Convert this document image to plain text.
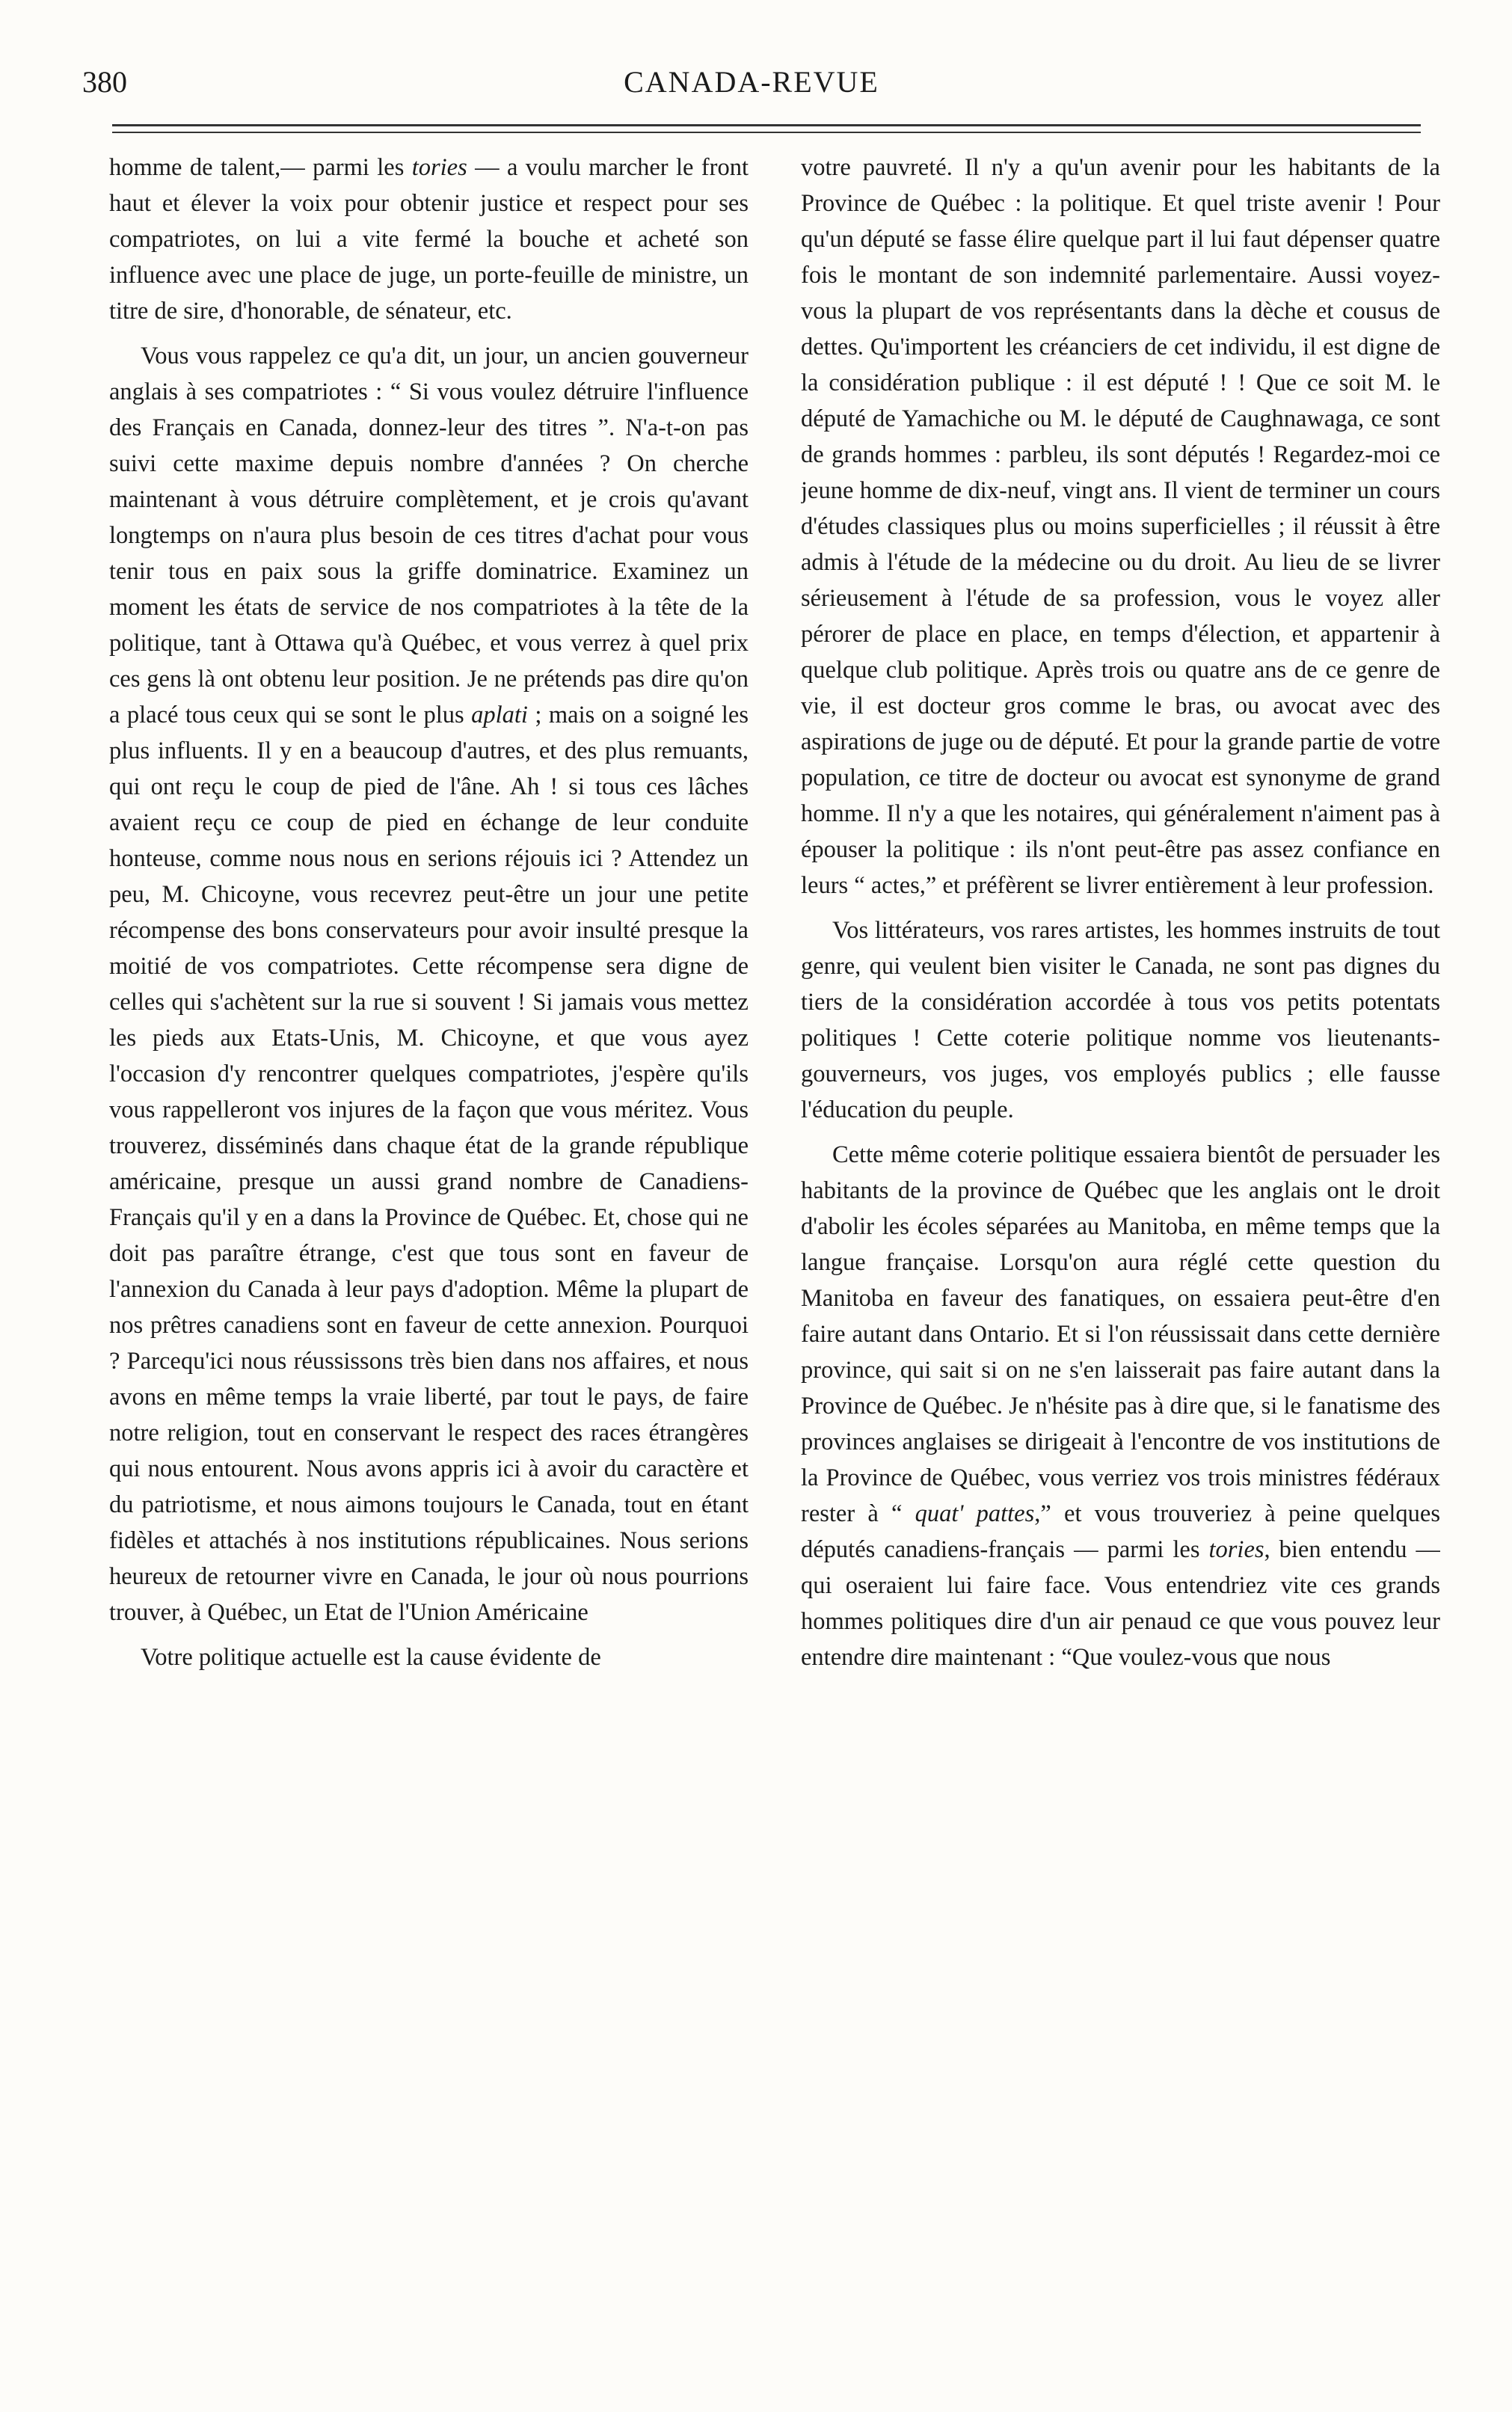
380	CANADA-REVUE

homme de talent,— parmi les tories — a voulu marcher le front haut et élever la voix pour obtenir justice et respect pour ses compatriotes, on lui a vite fermé la bouche et acheté son influence avec une place de juge, un porte-feuille de ministre, un titre de sire, d'honorable, de sénateur, etc.

Vous vous rappelez ce qu'a dit, un jour, un ancien gouverneur anglais à ses compatriotes : “ Si vous voulez détruire l'influence des Français en Canada, donnez-leur des titres ”. N'a-t-on pas suivi cette maxime depuis nombre d'années ? On cherche maintenant à vous détruire complètement, et je crois qu'avant longtemps on n'aura plus besoin de ces titres d'achat pour vous tenir tous en paix sous la griffe dominatrice. Examinez un moment les états de service de nos compatriotes à la tête de la politique, tant à Ottawa qu'à Québec, et vous verrez à quel prix ces gens là ont obtenu leur position. Je ne prétends pas dire qu'on a placé tous ceux qui se sont le plus aplati ; mais on a soigné les plus influents. Il y en a beaucoup d'autres, et des plus remuants, qui ont reçu le coup de pied de l'âne. Ah ! si tous ces lâches avaient reçu ce coup de pied en échange de leur conduite honteuse, comme nous nous en serions réjouis ici ? Attendez un peu, M. Chicoyne, vous recevrez peut-être un jour une petite récompense des bons conservateurs pour avoir insulté presque la moitié de vos compatriotes. Cette récompense sera digne de celles qui s'achètent sur la rue si souvent ! Si jamais vous mettez les pieds aux Etats-Unis, M. Chicoyne, et que vous ayez l'occasion d'y rencontrer quelques compatriotes, j'espère qu'ils vous rappelleront vos injures de la façon que vous méritez. Vous trouverez, disséminés dans chaque état de la grande république américaine, presque un aussi grand nombre de Canadiens-Français qu'il y en a dans la Province de Québec. Et, chose qui ne doit pas paraître étrange, c'est que tous sont en faveur de l'annexion du Canada à leur pays d'adoption. Même la plupart de nos prêtres canadiens sont en faveur de cette annexion. Pourquoi ? Parcequ'ici nous réussissons très bien dans nos affaires, et nous avons en même temps la vraie liberté, par tout le pays, de faire notre religion, tout en conservant le respect des races étrangères qui nous entourent. Nous avons appris ici à avoir du caractère et du patriotisme, et nous aimons toujours le Canada, tout en étant fidèles et attachés à nos institutions républicaines. Nous serions heureux de retourner vivre en Canada, le jour où nous pourrions trouver, à Québec, un Etat de l'Union Américaine

Votre politique actuelle est la cause évidente de

votre pauvreté. Il n'y a qu'un avenir pour les habitants de la Province de Québec : la politique. Et quel triste avenir ! Pour qu'un député se fasse élire quelque part il lui faut dépenser quatre fois le montant de son indemnité parlementaire. Aussi voyez-vous la plupart de vos représentants dans la dèche et cousus de dettes. Qu'importent les créanciers de cet individu, il est digne de la considération publique : il est député ! ! Que ce soit M. le député de Yamachiche ou M. le député de Caughnawaga, ce sont de grands hommes : parbleu, ils sont députés ! Regardez-moi ce jeune homme de dix-neuf, vingt ans. Il vient de terminer un cours d'études classiques plus ou moins superficielles ; il réussit à être admis à l'étude de la médecine ou du droit. Au lieu de se livrer sérieusement à l'étude de sa profession, vous le voyez aller pérorer de place en place, en temps d'élection, et appartenir à quelque club politique. Après trois ou quatre ans de ce genre de vie, il est docteur gros comme le bras, ou avocat avec des aspirations de juge ou de député. Et pour la grande partie de votre population, ce titre de docteur ou avocat est synonyme de grand homme. Il n'y a que les notaires, qui généralement n'aiment pas à épouser la politique : ils n'ont peut-être pas assez confiance en leurs “ actes,” et préfèrent se livrer entièrement à leur profession.

Vos littérateurs, vos rares artistes, les hommes instruits de tout genre, qui veulent bien visiter le Canada, ne sont pas dignes du tiers de la considération accordée à tous vos petits potentats politiques ! Cette coterie politique nomme vos lieutenants-gouverneurs, vos juges, vos employés publics ; elle fausse l'éducation du peuple.

Cette même coterie politique essaiera bientôt de persuader les habitants de la province de Québec que les anglais ont le droit d'abolir les écoles séparées au Manitoba, en même temps que la langue française. Lorsqu'on aura réglé cette question du Manitoba en faveur des fanatiques, on essaiera peut-être d'en faire autant dans Ontario. Et si l'on réussissait dans cette dernière province, qui sait si on ne s'en laisserait pas faire autant dans la Province de Québec. Je n'hésite pas à dire que, si le fanatisme des provinces anglaises se dirigeait à l'encontre de vos institutions de la Province de Québec, vous verriez vos trois ministres fédéraux rester à “ quat' pattes,” et vous trouveriez à peine quelques députés canadiens-français — parmi les tories, bien entendu — qui oseraient lui faire face. Vous entendriez vite ces grands hommes politiques dire d'un air penaud ce que vous pouvez leur entendre dire maintenant : “Que voulez-vous que nous
